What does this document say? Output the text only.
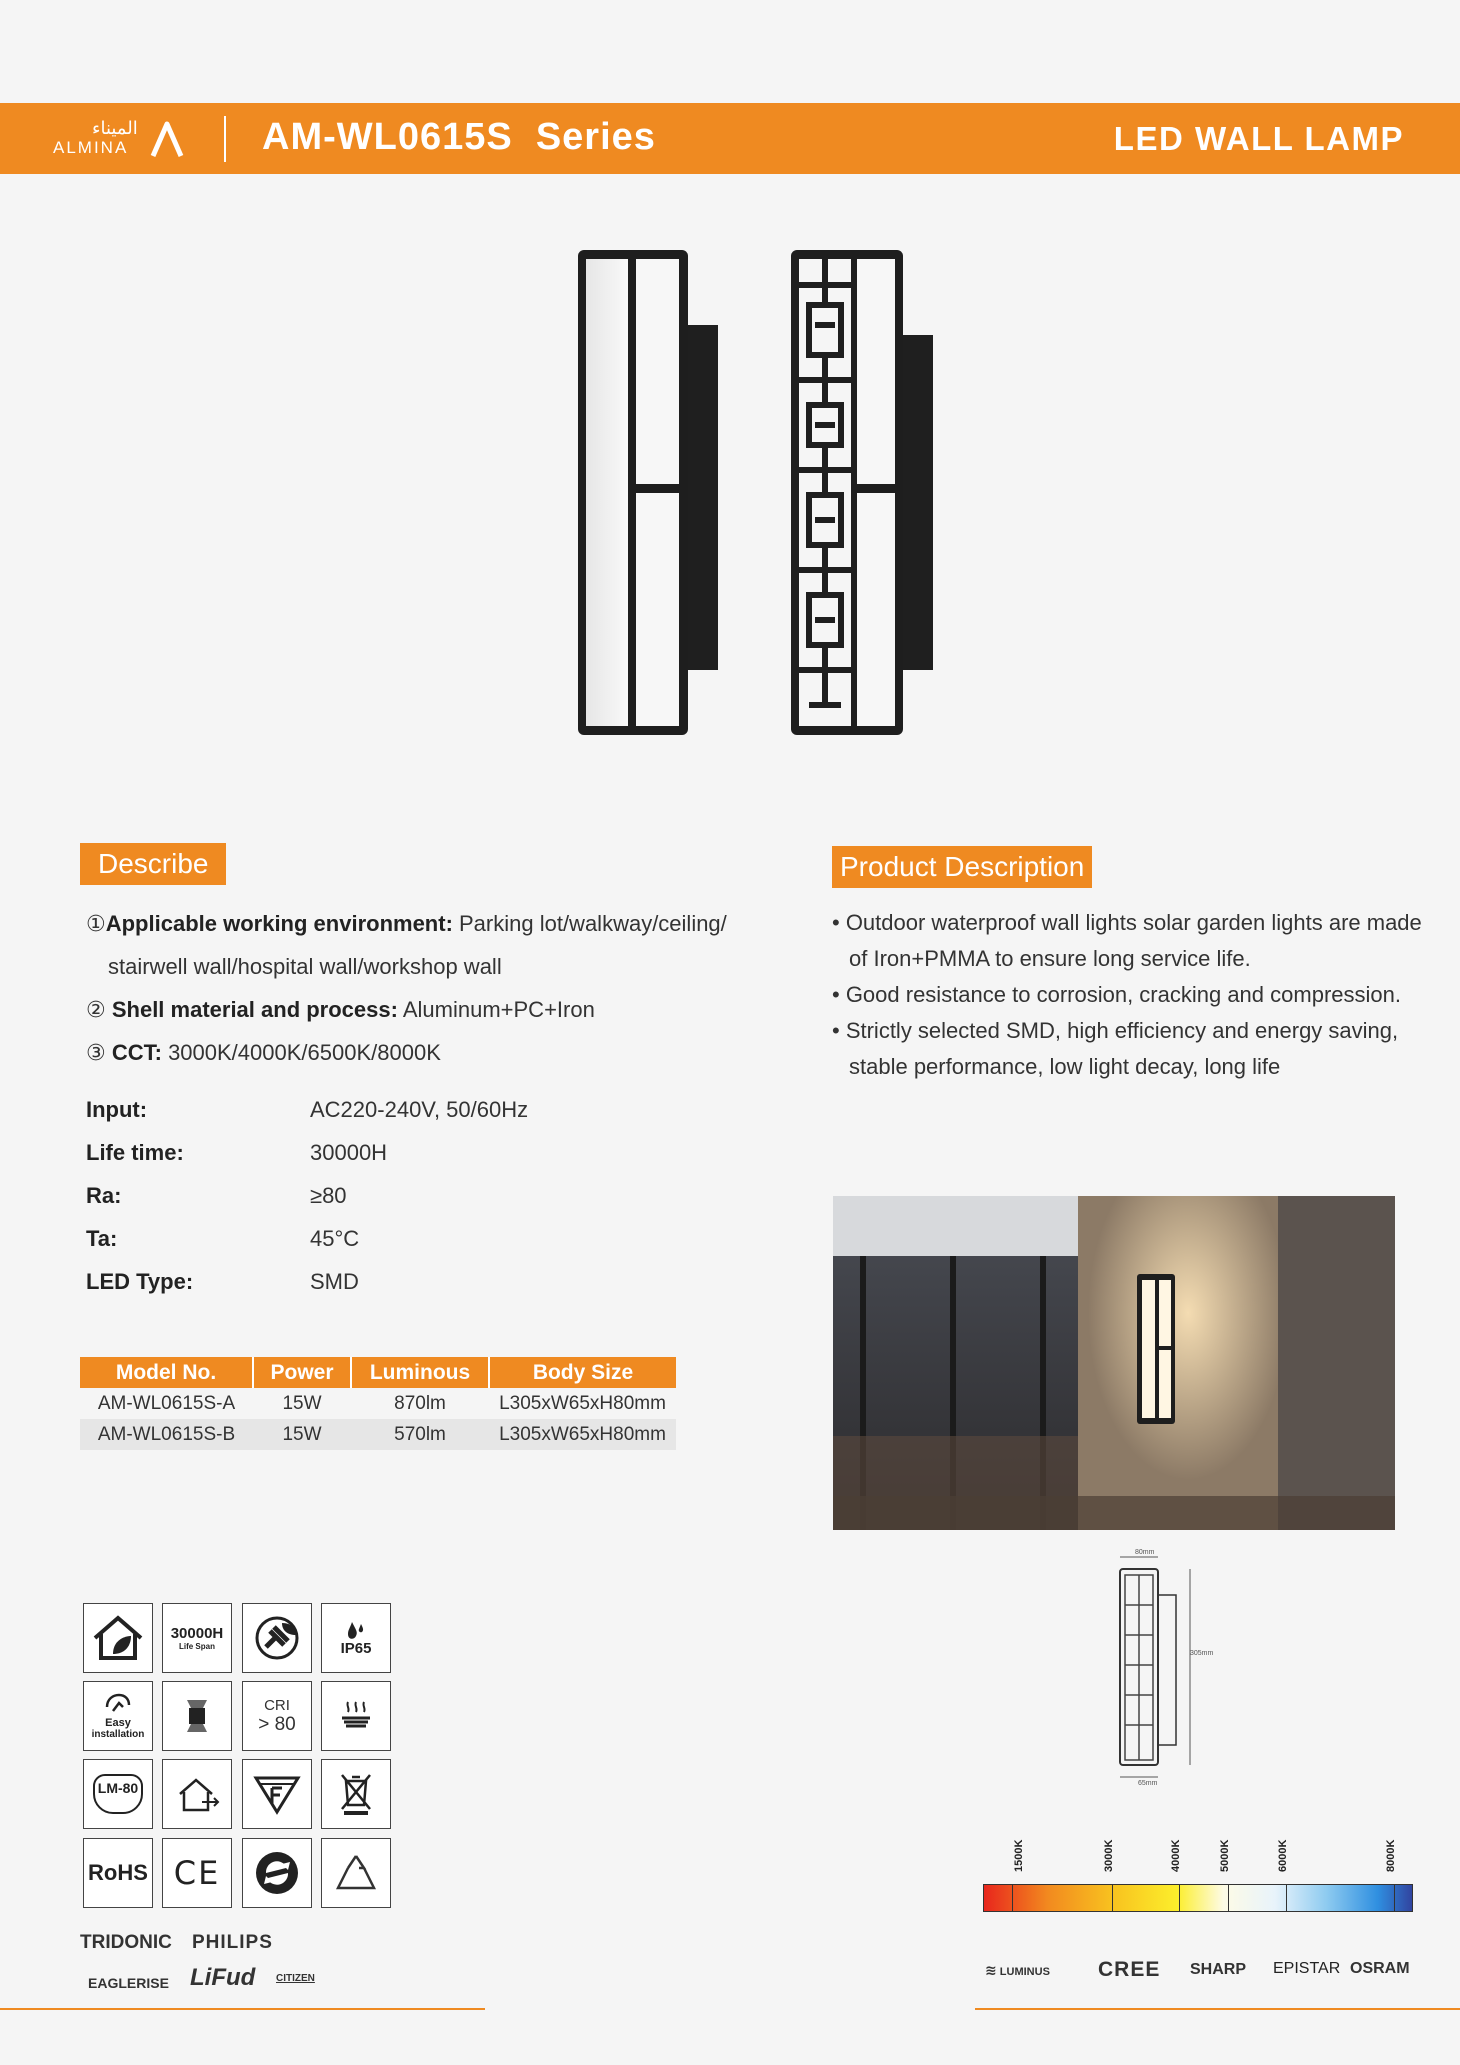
الميناء
ALMINA	AM-WL0615S  Series	LED WALL LAMP
Describe
①Applicable working environment: Parking lot/walkway/ceiling/
stairwell wall/hospital wall/workshop wall
② Shell material and process: Aluminum+PC+Iron
③ CCT: 3000K/4000K/6500K/8000K
Input:	AC220-240V, 50/60Hz
Life time:	30000H
Ra:	≥80
Ta:	45°C
LED Type:	SMD
Model No.	Power	Luminous	Body Size
AM-WL0615S-A	15W	870lm	L305xW65xH80mm
AM-WL0615S-B	15W	570lm	L305xW65xH80mm
Product Description
• Outdoor waterproof wall lights solar garden lights are made of Iron+PMMA to ensure long service life.
• Good resistance to corrosion, cracking and compression.
• Strictly selected SMD, high efficiency and energy saving, stable performance, low light decay, long life
80mm
305mm
65mm
1500K	3000K	4000K	5000K	6000K	8000K
30000H
Life Span	IP65
Easy
installation
CRI
> 80
LM-80
RoHS CE
TRIDONIC PHILIPS
EAGLERISE LiFud CITIZEN
≋ LUMINUS CREE SHARP EPISTAR OSRAM
